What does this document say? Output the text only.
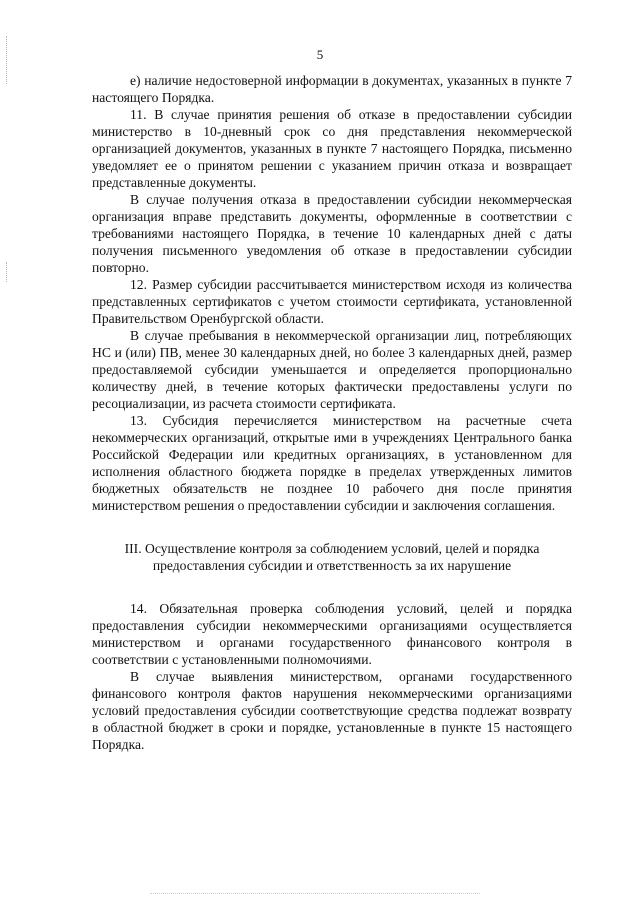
5

е) наличие недостоверной информации в документах, указанных в пункте 7 настоящего Порядка.

11. В случае принятия решения об отказе в предоставлении субсидии министерство в 10-дневный срок со дня представления некоммерческой организацией документов, указанных в пункте 7 настоящего Порядка, письменно уведомляет ее о принятом решении с указанием причин отказа и возвращает представленные документы.

В случае получения отказа в предоставлении субсидии некоммерческая организация вправе представить документы, оформленные в соответствии с требованиями настоящего Порядка, в течение 10 календарных дней с даты получения письменного уведомления об отказе в предоставлении субсидии повторно.

12. Размер субсидии рассчитывается министерством исходя из количества представленных сертификатов с учетом стоимости сертификата, установленной Правительством Оренбургской области.

В случае пребывания в некоммерческой организации лиц, потребляющих НС и (или) ПВ, менее 30 календарных дней, но более 3 календарных дней, размер предоставляемой субсидии уменьшается и определяется пропорционально количеству дней, в течение которых фактически предоставлены услуги по ресоциализации, из расчета стоимости сертификата.

13. Субсидия перечисляется министерством на расчетные счета некоммерческих организаций, открытые ими в учреждениях Центрального банка Российской Федерации или кредитных организациях, в установленном для исполнения областного бюджета порядке в пределах утвержденных лимитов бюджетных обязательств не позднее 10 рабочего дня после принятия министерством решения о предоставлении субсидии и заключения соглашения.

III. Осуществление контроля за соблюдением условий, целей и порядка предоставления субсидии и ответственность за их нарушение

14. Обязательная проверка соблюдения условий, целей и порядка предоставления субсидии некоммерческими организациями осуществляется министерством и органами государственного финансового контроля в соответствии с установленными полномочиями.

В случае выявления министерством, органами государственного финансового контроля фактов нарушения некоммерческими организациями условий предоставления субсидии соответствующие средства подлежат возврату в областной бюджет в сроки и порядке, установленные в пункте 15 настоящего Порядка.
